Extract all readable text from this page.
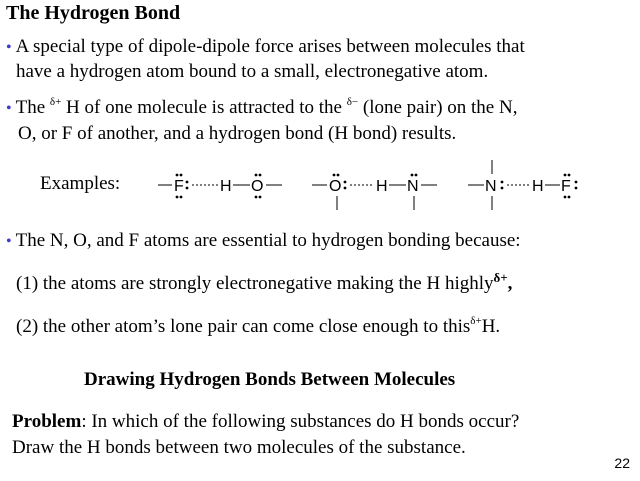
The Hydrogen Bond
• A special type of dipole-dipole force arises between molecules that
have a hydrogen atom bound to a small, electronegative atom.
• The $^{\delta+}$ H of one molecule is attracted to the $^{\delta-}$ (lone pair) on the N,
O, or F of another, and a hydrogen bond (H bond) results.
Examples:	F H O	O H N	N H F
• The N, O, and F atoms are essential to hydrogen bonding because:
(1) the atoms are strongly electronegative making the H highly$^{\delta+}$,
(2) the other atom’s lone pair can come close enough to this$^{\delta+}$H.
Drawing Hydrogen Bonds Between Molecules
Problem: In which of the following substances do H bonds occur?
Draw the H bonds between two molecules of the substance.
22
